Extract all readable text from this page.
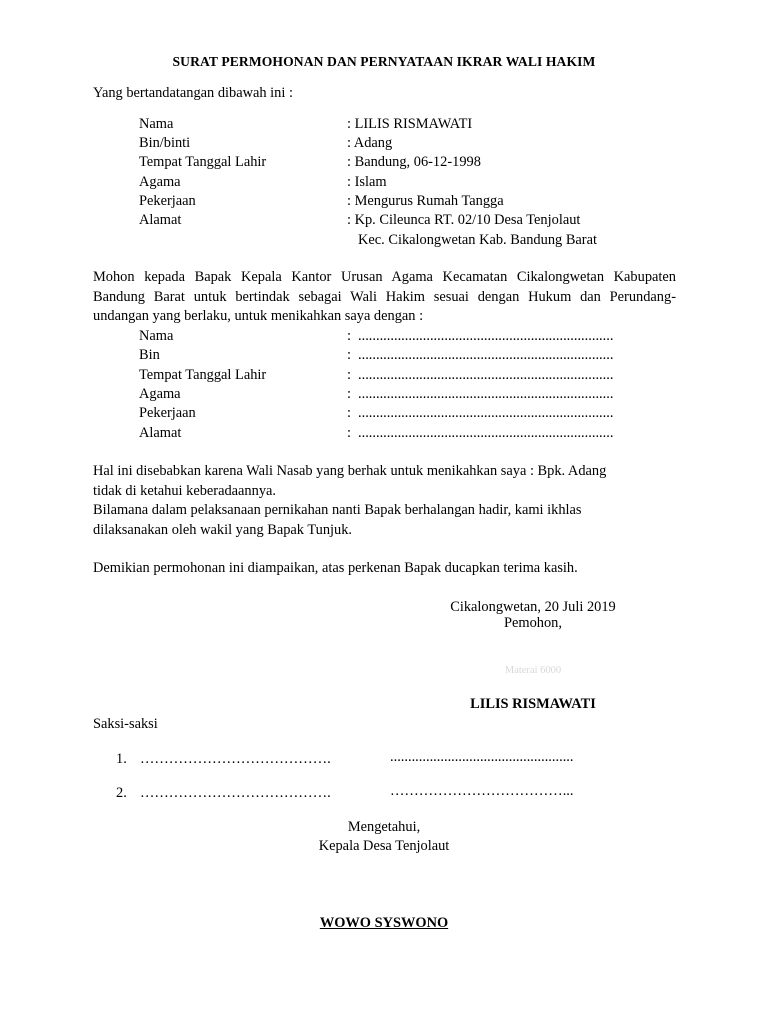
SURAT PERMOHONAN DAN PERNYATAAN IKRAR WALI HAKIM
Yang bertandatangan dibawah ini :
Nama	: LILIS RISMAWATI
Bin/binti	: Adang
Tempat Tanggal Lahir	: Bandung, 06-12-1998
Agama	: Islam
Pekerjaan	: Mengurus Rumah Tangga
Alamat	: Kp. Cileunca RT. 02/10 Desa Tenjolaut
Kec. Cikalongwetan Kab. Bandung Barat
Mohon kepada Bapak Kepala Kantor Urusan Agama Kecamatan Cikalongwetan Kabupaten
Bandung Barat untuk bertindak sebagai Wali Hakim sesuai dengan Hukum dan Perundang-
undangan yang berlaku, untuk menikahkan saya dengan :
Nama	: .......................................................................
Bin	: .......................................................................
Tempat Tanggal Lahir	: .......................................................................
Agama	: .......................................................................
Pekerjaan	: .......................................................................
Alamat	: .......................................................................
Hal ini disebabkan karena Wali Nasab yang berhak untuk menikahkan saya : Bpk. Adang
tidak di ketahui keberadaannya.
Bilamana dalam pelaksanaan pernikahan nanti Bapak berhalangan hadir, kami ikhlas
dilaksanakan oleh wakil yang Bapak Tunjuk.
Demikian permohonan ini diampaikan, atas perkenan Bapak ducapkan terima kasih.
Cikalongwetan, 20 Juli 2019
Pemohon,
Materai 6000
LILIS RISMAWATI
Saksi-saksi
1. ………………………………….	...................................................
2. ………………………………….	………………………………...
Mengetahui,
Kepala Desa Tenjolaut
WOWO SYSWONO
